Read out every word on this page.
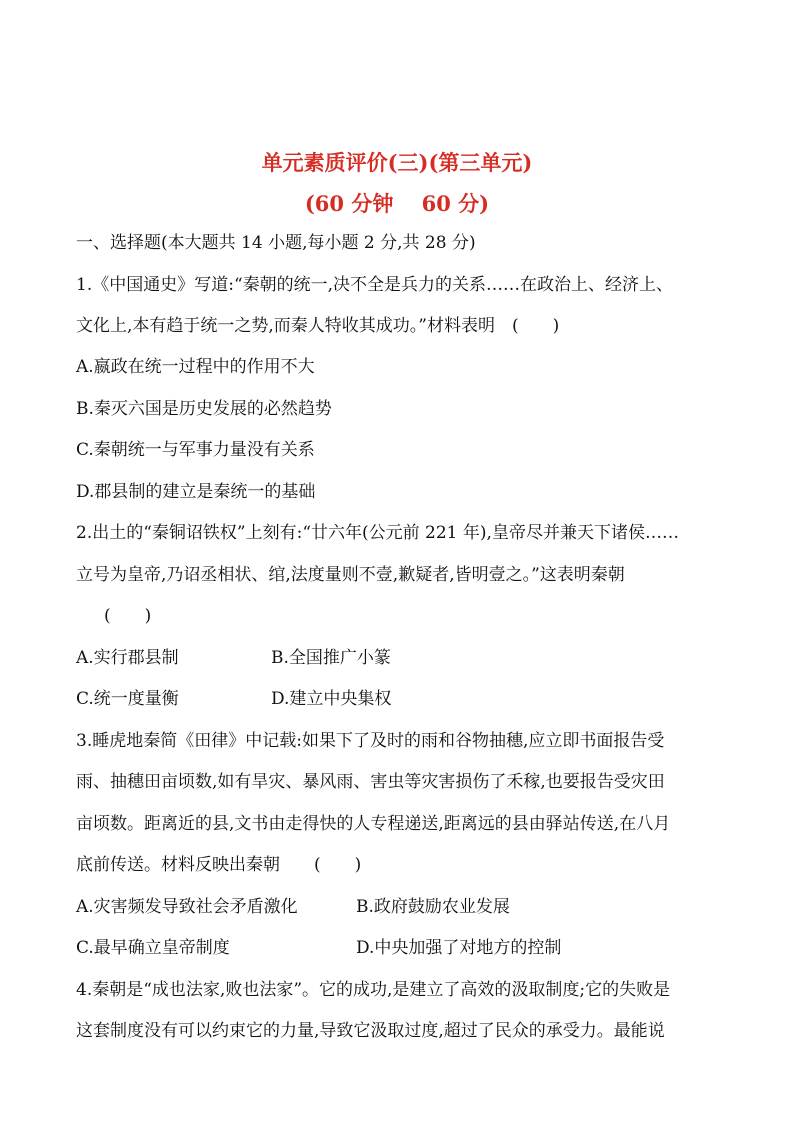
单元素质评价(三)(第三单元)
(60 分钟　 60 分)
一、选择题(本大题共 14 小题,每小题 2 分,共 28 分)
1.《中国通史》写道:“秦朝的统一,决不全是兵力的关系……在政治上、经济上、
文化上,本有趋于统一之势,而秦人特收其成功。”材料表明　(　　)
A.嬴政在统一过程中的作用不大
B.秦灭六国是历史发展的必然趋势
C.秦朝统一与军事力量没有关系
D.郡县制的建立是秦统一的基础
2.出土的“秦铜诏铁权”上刻有:“廿六年(公元前 221 年),皇帝尽并兼天下诸侯……
立号为皇帝,乃诏丞相状、绾,法度量则不壹,歉疑者,皆明壹之。”这表明秦朝
(　　)
A.实行郡县制	B.全国推广小篆
C.统一度量衡	D.建立中央集权
3.睡虎地秦简《田律》中记载:如果下了及时的雨和谷物抽穗,应立即书面报告受
雨、抽穗田亩顷数,如有旱灾、暴风雨、害虫等灾害损伤了禾稼,也要报告受灾田
亩顷数。距离近的县,文书由走得快的人专程递送,距离远的县由驿站传送,在八月
底前传送。材料反映出秦朝　　(　　)
A.灾害频发导致社会矛盾激化	B.政府鼓励农业发展
C.最早确立皇帝制度	D.中央加强了对地方的控制
4.秦朝是“成也法家,败也法家”。它的成功,是建立了高效的汲取制度;它的失败是
这套制度没有可以约束它的力量,导致它汲取过度,超过了民众的承受力。最能说
